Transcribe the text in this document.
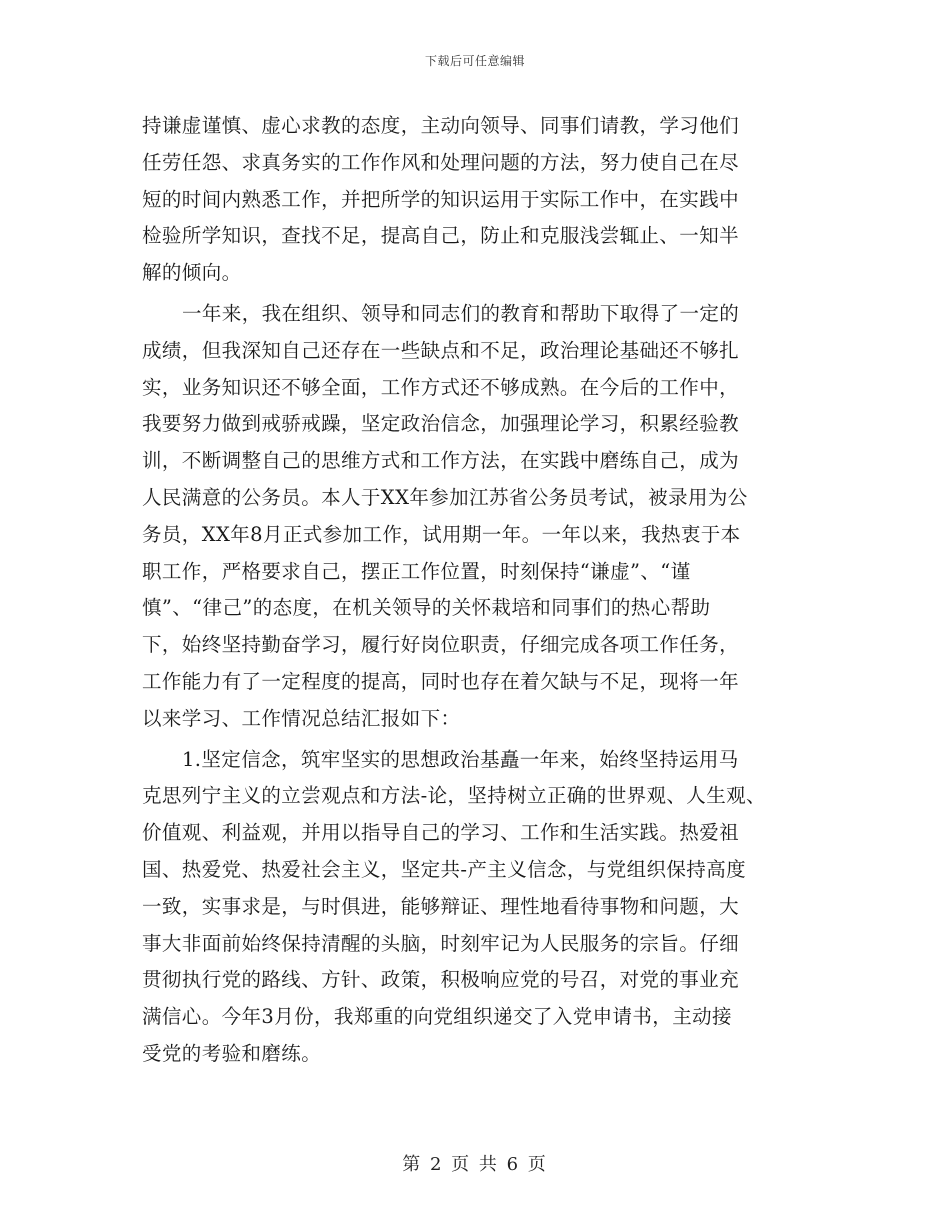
下载后可任意编辑
持谦虚谨慎、虚心求教的态度，主动向领导、同事们请教，学习他们
任劳任怨、求真务实的工作作风和处理问题的方法，努力使自己在尽
短的时间内熟悉工作，并把所学的知识运用于实际工作中，在实践中
检验所学知识，查找不足，提高自己，防止和克服浅尝辄止、一知半
解的倾向。
一年来，我在组织、领导和同志们的教育和帮助下取得了一定的
成绩，但我深知自己还存在一些缺点和不足，政治理论基础还不够扎
实，业务知识还不够全面，工作方式还不够成熟。在今后的工作中，
我要努力做到戒骄戒躁，坚定政治信念，加强理论学习，积累经验教
训，不断调整自己的思维方式和工作方法，在实践中磨练自己，成为
人民满意的公务员。本人于XX年参加江苏省公务员考试，被录用为公
务员，XX年8月正式参加工作，试用期一年。一年以来，我热衷于本
职工作，严格要求自己，摆正工作位置，时刻保持“谦虚”、“谨
慎”、“律己”的态度，在机关领导的关怀栽培和同事们的热心帮助
下，始终坚持勤奋学习，履行好岗位职责，仔细完成各项工作任务，
工作能力有了一定程度的提高，同时也存在着欠缺与不足，现将一年
以来学习、工作情况总结汇报如下：
1.坚定信念，筑牢坚实的思想政治基矗一年来，始终坚持运用马
克思列宁主义的立尝观点和方法-论，坚持树立正确的世界观、人生观、
价值观、利益观，并用以指导自己的学习、工作和生活实践。热爱祖
国、热爱党、热爱社会主义，坚定共-产主义信念，与党组织保持高度
一致，实事求是，与时俱进，能够辩证、理性地看待事物和问题，大
事大非面前始终保持清醒的头脑，时刻牢记为人民服务的宗旨。仔细
贯彻执行党的路线、方针、政策，积极响应党的号召，对党的事业充
满信心。今年3月份，我郑重的向党组织递交了入党申请书，主动接
受党的考验和磨练。
第 2 页 共 6 页
